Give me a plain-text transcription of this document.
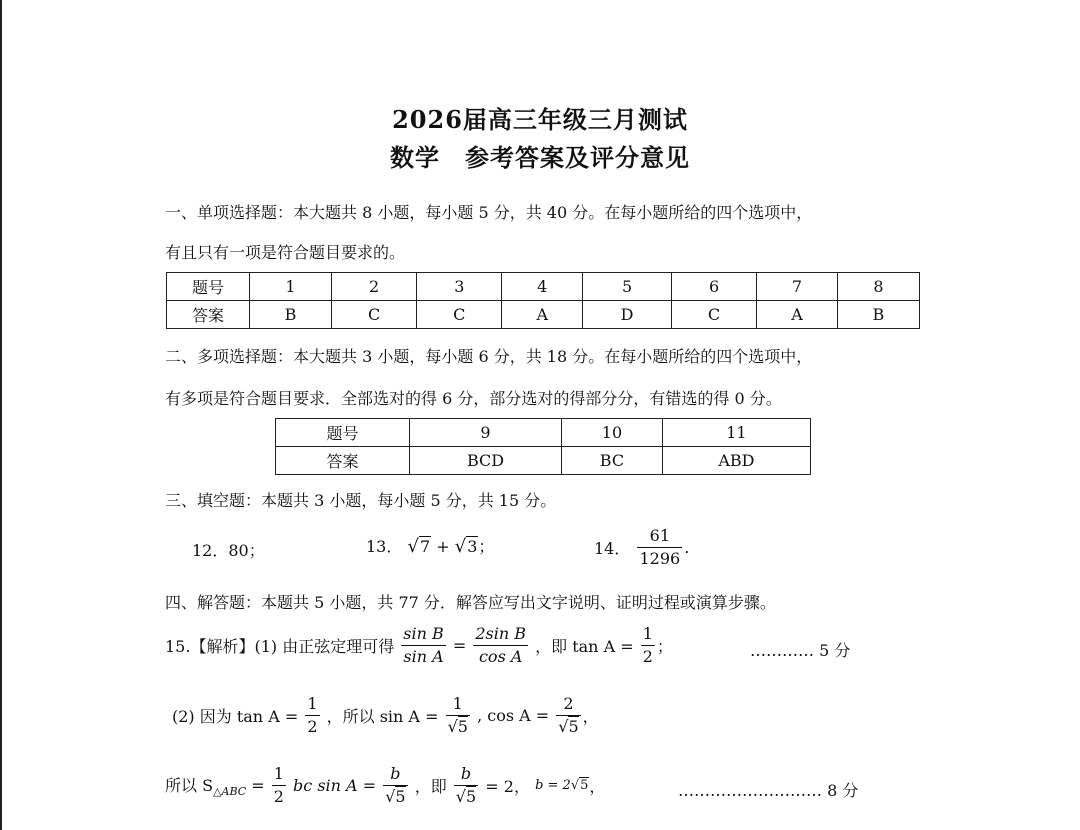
2026届高三年级三月测试
数学　参考答案及评分意见
一、单项选择题：本大题共 8 小题，每小题 5 分，共 40 分。在每小题所给的四个选项中，
有且只有一项是符合题目要求的。
题号	1	2	3	4	5	6	7	8
答案	B	C	C	A	D	C	A	B
二、多项选择题：本大题共 3 小题，每小题 6 分，共 18 分。在每小题所给的四个选项中，
有多项是符合题目要求．全部选对的得 6 分，部分选对的得部分分，有错选的得 0 分。
题号	9	10	11
答案	BCD	BC	ABD
三、填空题：本题共 3 小题，每小题 5 分，共 15 分。
12．80；	13． √7 + √3；	14． $\frac{61}{1296}$ .
四、解答题：本题共 5 小题，共 77 分．解答应写出文字说明、证明过程或演算步骤。
15.【解析】(1) 由正弦定理可得 $\frac{\text{sin B}}{\text{sin A}} = \frac{\text{2sin B}}{\text{cos A}}$ ，即 $\tan A = \frac{1}{2}$ ；	………… 5 分
(2) 因为 $\tan A = \frac{1}{2}$ ，所以 $\sin A = \frac{1}{√5}$ , $\cos A = \frac{2}{√5}$ ，
所以 $S_{\triangle ABC} = \frac{1}{2}$ bc $\sin A = \frac{b}{√5}$ ，即 $\frac{b}{√5} = 2$， b = 2√5，	……………………… 8 分
